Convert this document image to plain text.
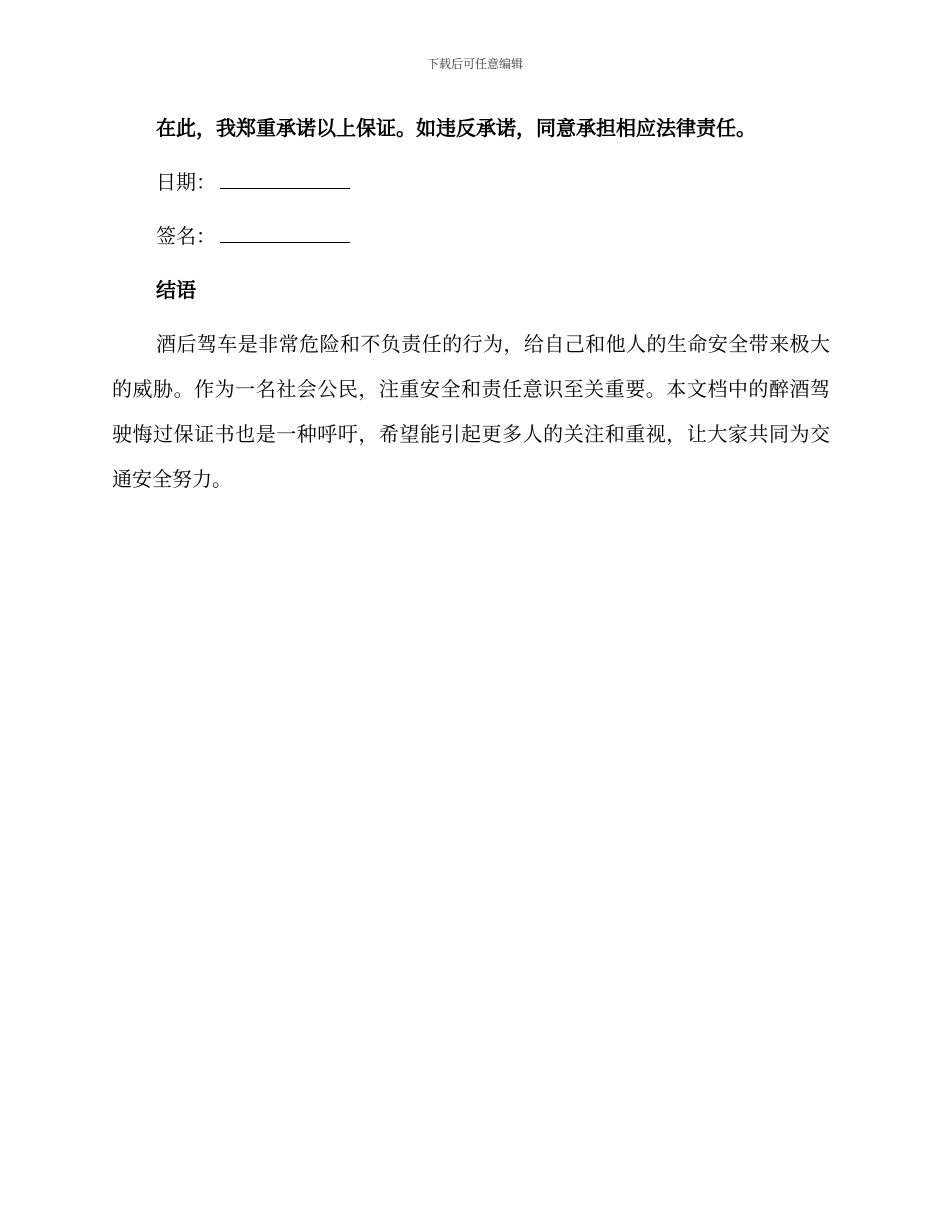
下载后可任意编辑

在此，我郑重承诺以上保证。如违反承诺，同意承担相应法律责任。

日期：

签名：

结语

酒后驾车是非常危险和不负责任的行为，给自己和他人的生命安全带来极大的威胁。作为一名社会公民，注重安全和责任意识至关重要。本文档中的醉酒驾驶悔过保证书也是一种呼吁，希望能引起更多人的关注和重视，让大家共同为交通安全努力。
